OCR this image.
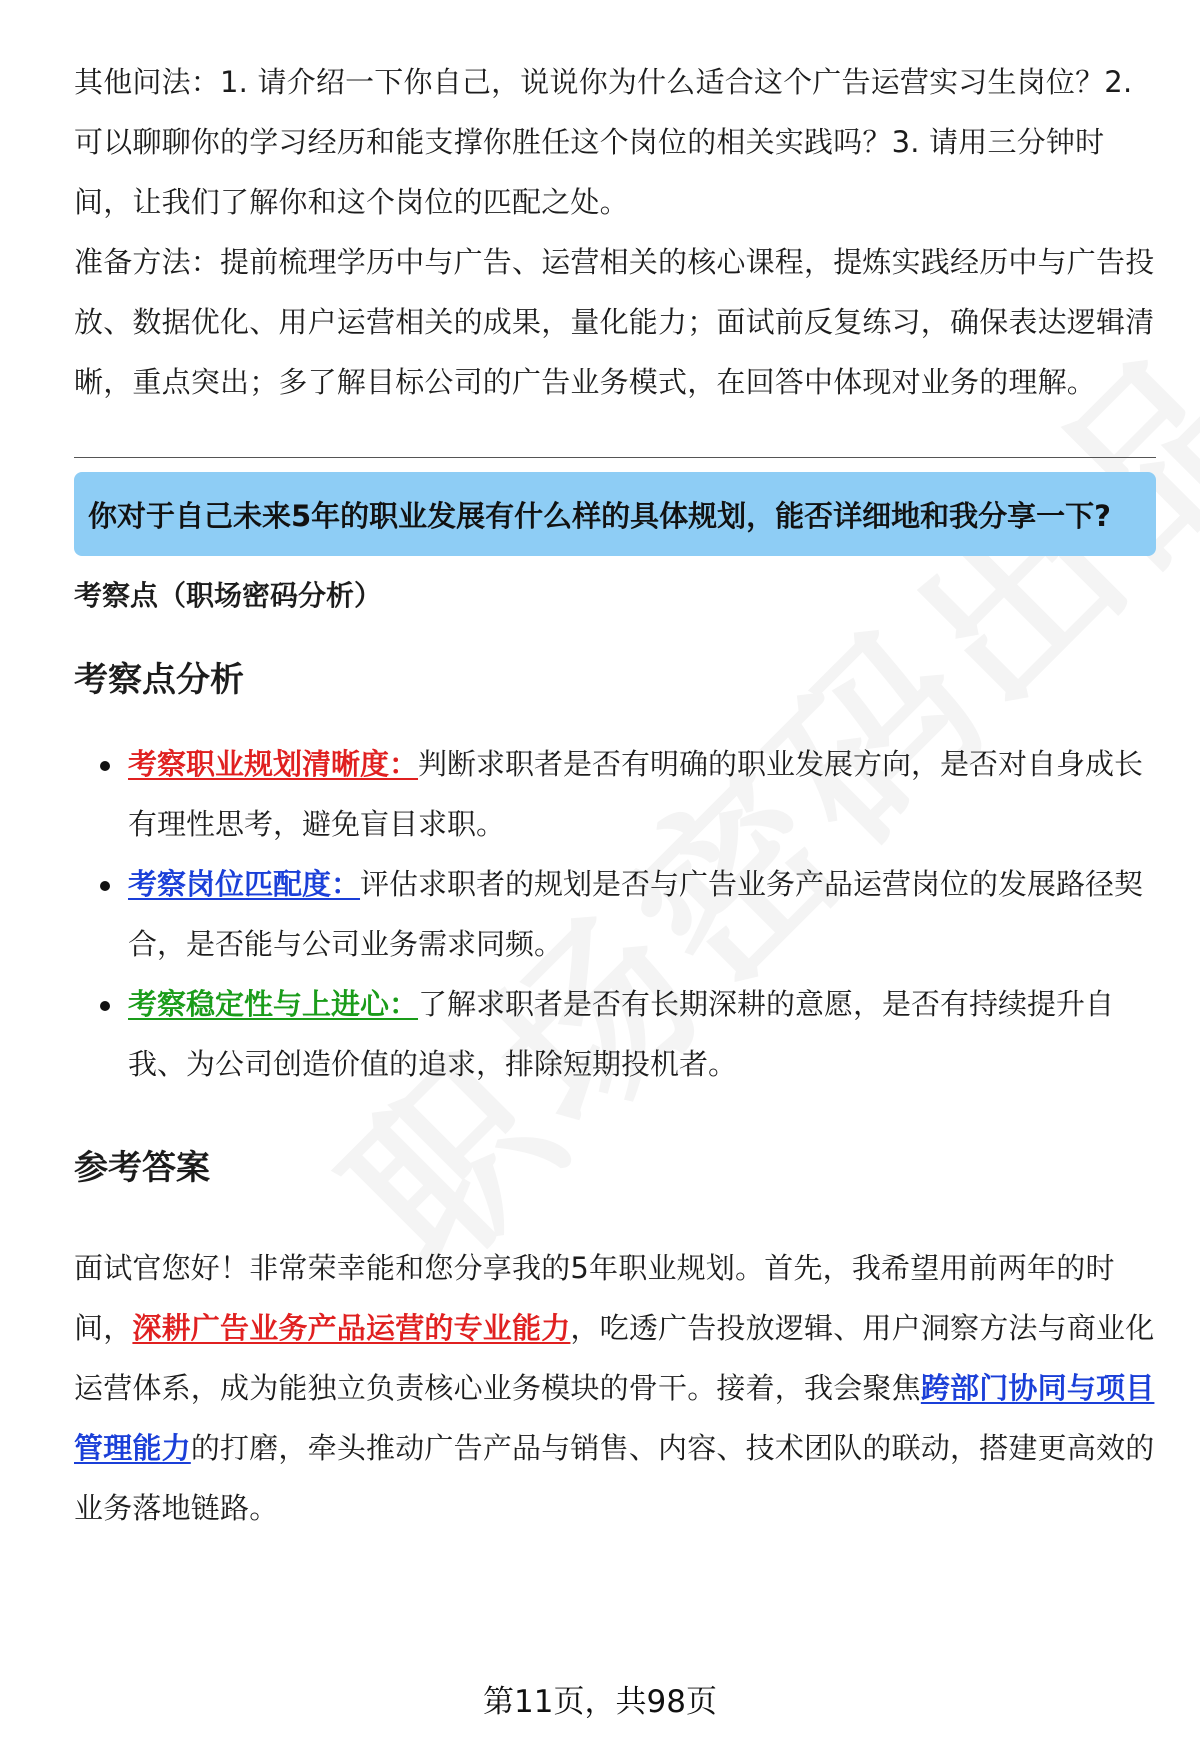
其他问法：1. 请介绍一下你自己，说说你为什么适合这个广告运营实习生岗位？2. 可以聊聊你的学习经历和能支撑你胜任这个岗位的相关实践吗？3. 请用三分钟时间，让我们了解你和这个岗位的匹配之处。

准备方法：提前梳理学历中与广告、运营相关的核心课程，提炼实践经历中与广告投放、数据优化、用户运营相关的成果，量化能力；面试前反复练习，确保表达逻辑清晰，重点突出；多了解目标公司的广告业务模式，在回答中体现对业务的理解。

你对于自己未来5年的职业发展有什么样的具体规划，能否详细地和我分享一下?
考察点（职场密码分析）
考察点分析
考察职业规划清晰度：判断求职者是否有明确的职业发展方向，是否对自身成长有理性思考，避免盲目求职。
考察岗位匹配度：评估求职者的规划是否与广告业务产品运营岗位的发展路径契合，是否能与公司业务需求同频。
考察稳定性与上进心：了解求职者是否有长期深耕的意愿，是否有持续提升自我、为公司创造价值的追求，排除短期投机者。
参考答案

面试官您好！非常荣幸能和您分享我的5年职业规划。首先，我希望用前两年的时间，深耕广告业务产品运营的专业能力，吃透广告投放逻辑、用户洞察方法与商业化运营体系，成为能独立负责核心业务模块的骨干。接着，我会聚焦跨部门协同与项目管理能力的打磨，牵头推动广告产品与销售、内容、技术团队的联动，搭建更高效的业务落地链路。

第11页，共98页
